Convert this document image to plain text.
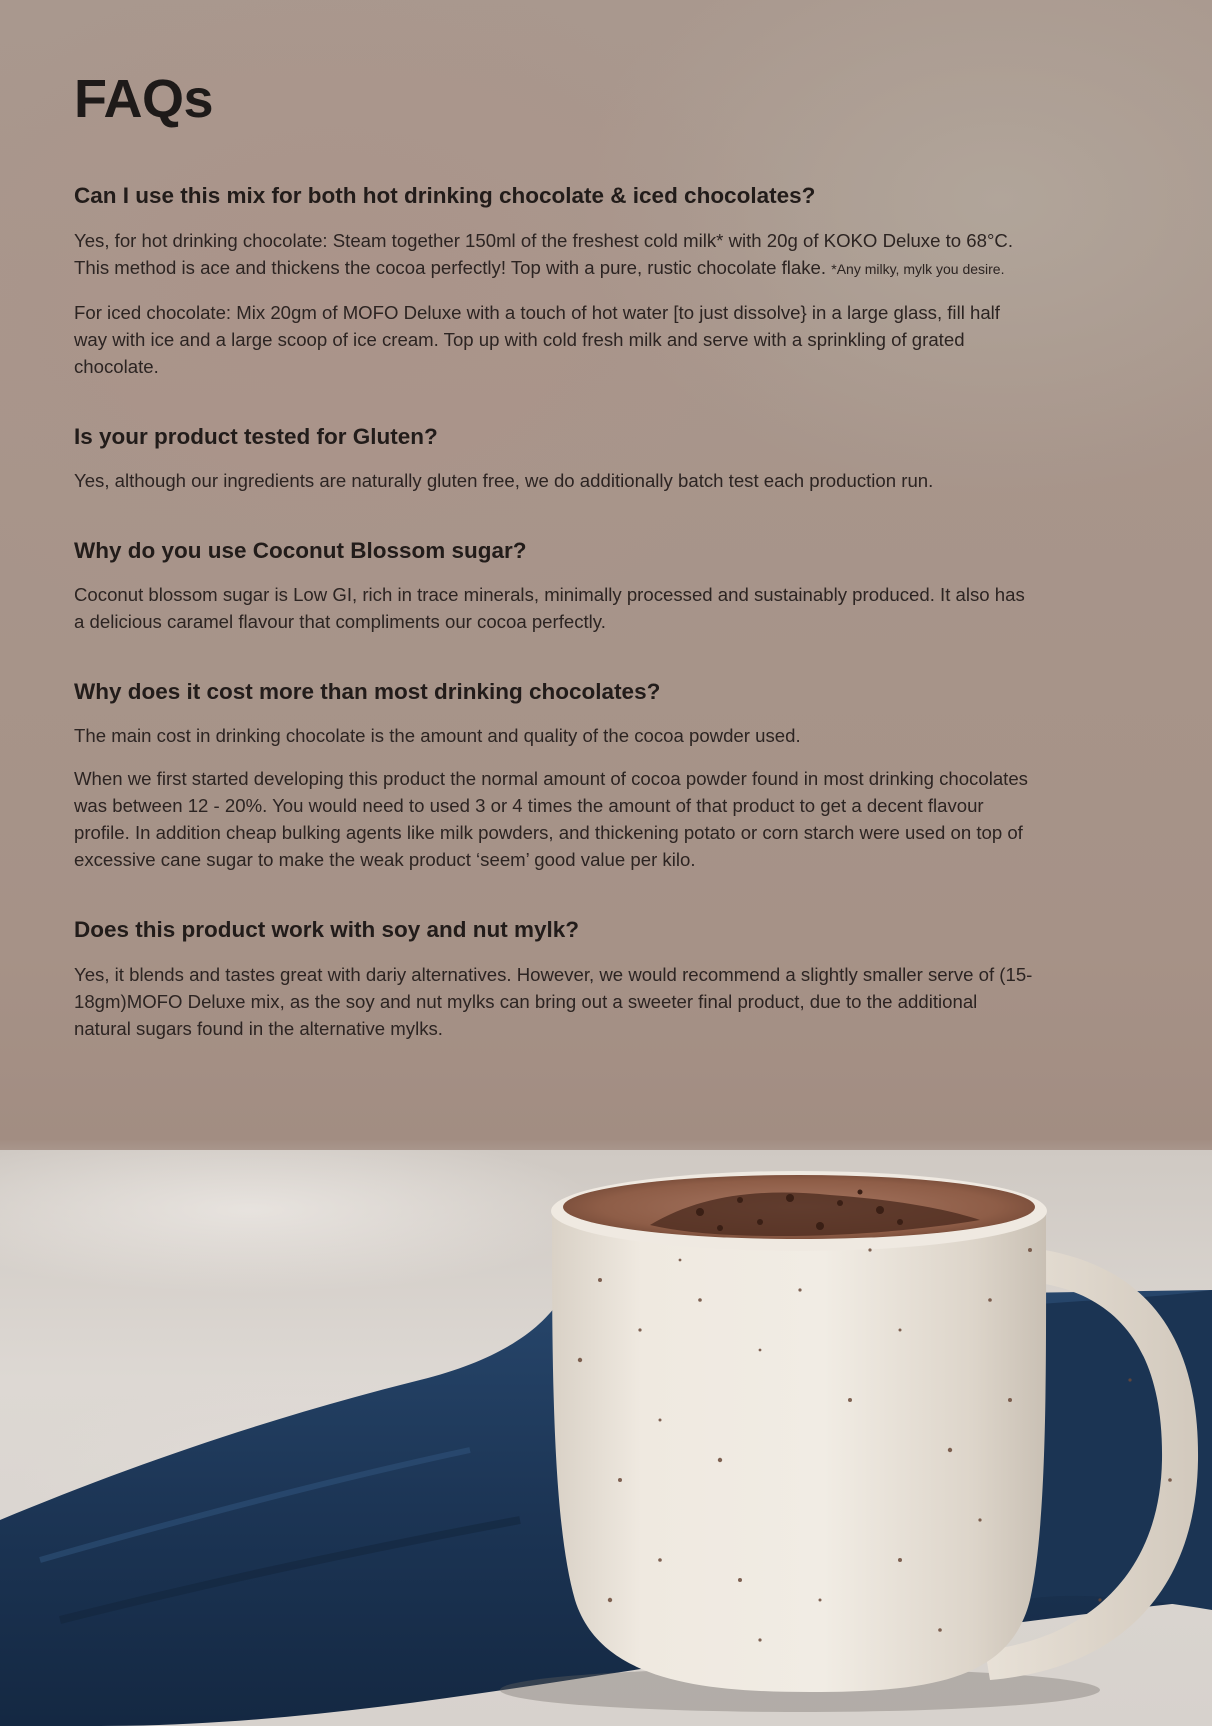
FAQs
Can I use this mix for both hot drinking chocolate & iced chocolates?

Yes, for hot drinking chocolate: Steam together 150ml of the freshest cold milk* with 20g of KOKO Deluxe to 68°C. This method is ace and thickens the cocoa perfectly! Top with a pure, rustic chocolate flake. *Any milky, mylk you desire.

For iced chocolate: Mix 20gm of MOFO Deluxe with a touch of hot water [to just dissolve} in a large glass, fill half way with ice and a large scoop of ice cream. Top up with cold fresh milk and serve with a sprinkling of grated chocolate.

Is your product tested for Gluten?

Yes, although our ingredients are naturally gluten free, we do additionally batch test each production run.

Why do you use Coconut Blossom sugar?

Coconut blossom sugar is Low GI, rich in trace minerals, minimally processed and sustainably produced. It also has a delicious caramel flavour that compliments our cocoa perfectly.

Why does it cost more than most drinking chocolates?

The main cost in drinking chocolate is the amount and quality of the cocoa powder used.

When we first started developing this product the normal amount of cocoa powder found in most drinking chocolates was between 12 - 20%. You would need to used 3 or 4 times the amount of that product to get a decent flavour profile. In addition cheap bulking agents like milk powders, and thickening potato or corn starch were used on top of excessive cane sugar to make the weak product ‘seem’ good value per kilo.

Does this product work with soy and nut mylk?

Yes, it blends and tastes great with dariy alternatives. However, we would recommend a slightly smaller serve of (15-18gm)MOFO Deluxe mix, as the soy and nut mylks can bring out a sweeter final product, due to the additional natural sugars found in the alternative mylks.
